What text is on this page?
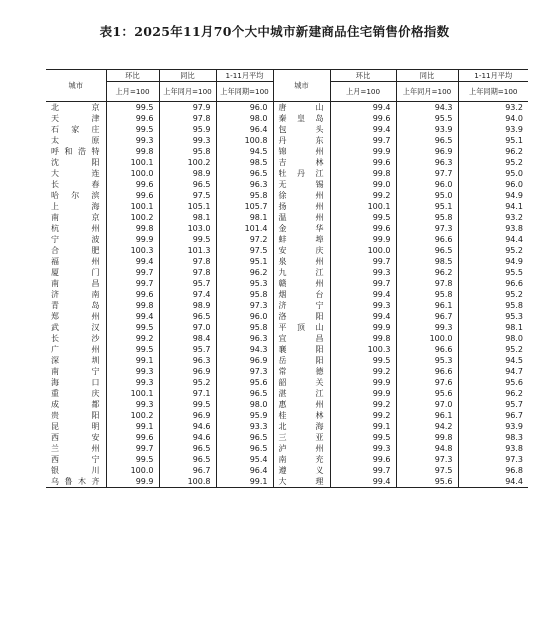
表1：2025年11月70个大中城市新建商品住宅销售价格指数
城市	环比	同比	1-11月平均	城市	环比	同比	1-11月平均
	上月=100	上年同月=100	上年同期=100		上月=100	上年同月=100	上年同期=100
北京	99.5	97.9	96.0	唐山	99.4	94.3	93.2
天津	99.6	97.8	98.0	秦皇岛	99.6	95.5	94.0
石家庄	99.5	95.9	96.4	包头	99.4	93.9	93.9
太原	99.3	99.3	100.8	丹东	99.7	96.5	95.1
呼和浩特	99.8	95.8	94.5	锦州	99.9	96.9	96.2
沈阳	100.1	100.2	98.5	吉林	99.6	96.3	95.2
大连	100.0	98.9	96.5	牡丹江	99.8	97.7	95.0
长春	99.6	96.5	96.3	无锡	99.0	96.0	96.0
哈尔滨	99.6	97.5	95.8	徐州	99.2	95.0	94.9
上海	100.1	105.1	105.7	扬州	100.1	95.1	94.1
南京	100.2	98.1	98.1	温州	99.5	95.8	93.2
杭州	99.8	103.0	101.4	金华	99.6	97.3	93.8
宁波	99.9	99.5	97.2	蚌埠	99.9	96.6	94.4
合肥	100.3	101.3	97.5	安庆	100.0	96.5	95.2
福州	99.4	97.8	95.1	泉州	99.7	98.5	94.9
厦门	99.7	97.8	96.2	九江	99.3	96.2	95.5
南昌	99.7	95.7	95.3	赣州	99.7	97.8	96.6
济南	99.6	97.4	95.8	烟台	99.4	95.8	95.2
青岛	99.8	98.9	97.3	济宁	99.3	96.1	95.8
郑州	99.4	96.5	96.0	洛阳	99.4	96.7	95.3
武汉	99.5	97.0	95.8	平顶山	99.9	99.3	98.1
长沙	99.2	98.4	96.3	宜昌	99.8	100.0	98.0
广州	99.5	95.7	94.3	襄阳	100.3	96.6	95.2
深圳	99.1	96.3	96.9	岳阳	99.5	95.3	94.5
南宁	99.3	96.9	97.3	常德	99.2	96.6	94.7
海口	99.3	95.2	95.6	韶关	99.9	97.6	95.6
重庆	100.1	97.1	96.5	湛江	99.9	95.6	96.2
成都	99.3	99.5	98.0	惠州	99.2	97.0	95.7
贵阳	100.2	96.9	95.9	桂林	99.2	96.1	96.7
昆明	99.1	94.6	93.3	北海	99.1	94.2	93.9
西安	99.6	94.6	96.5	三亚	99.5	99.8	98.3
兰州	99.7	96.5	96.5	泸州	99.3	94.8	93.8
西宁	99.5	96.5	95.4	南充	99.6	97.3	97.3
银川	100.0	96.7	96.4	遵义	99.7	97.5	96.8
乌鲁木齐	99.9	100.8	99.1	大理	99.4	95.6	94.4
